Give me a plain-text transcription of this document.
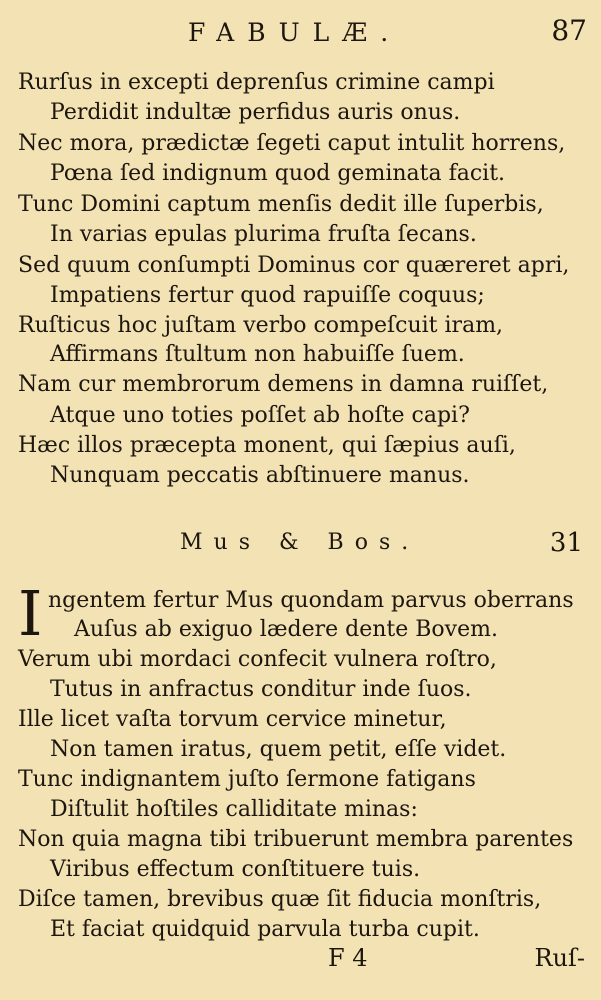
FABULÆ.	87
Rurſus in excepti deprenſus crimine campi
Perdidit indultæ perfidus auris onus.
Nec mora, prædictæ ſegeti caput intulit horrens,
Pœna ſed indignum quod geminata facit.
Tunc Domini captum menſis dedit ille ſuperbis,
In varias epulas plurima fruſta ſecans.
Sed quum conſumpti Dominus cor quæreret apri,
Impatiens fertur quod rapuiſſe coquus;
Ruſticus hoc juſtam verbo compeſcuit iram,
Affirmans ſtultum non habuiſſe ſuem.
Nam cur membrorum demens in damna ruiſſet,
Atque uno toties poſſet ab hoſte capi?
Hæc illos præcepta monent, qui ſæpius auſi,
Nunquam peccatis abſtinuere manus.
Mus & Bos.	31
I ngentem fertur Mus quondam parvus oberrans
Auſus ab exiguo lædere dente Bovem.
Verum ubi mordaci confecit vulnera roſtro,
Tutus in anfractus conditur inde ſuos.
Ille licet vaſta torvum cervice minetur,
Non tamen iratus, quem petit, eſſe videt.
Tunc indignantem juſto ſermone fatigans
Diſtulit hoſtiles calliditate minas:
Non quia magna tibi tribuerunt membra parentes
Viribus effectum conſtituere tuis.
Diſce tamen, brevibus quæ ſit fiducia monſtris,
Et faciat quidquid parvula turba cupit.
F 4	Ruſ-
